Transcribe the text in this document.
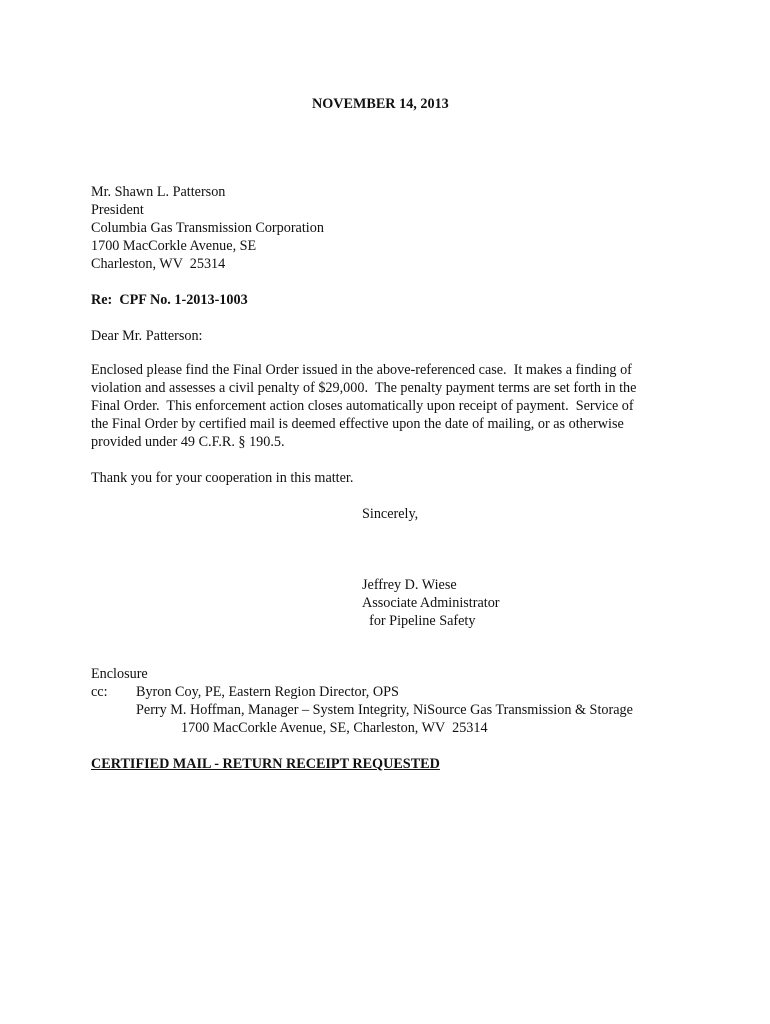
NOVEMBER 14, 2013
Mr. Shawn L. Patterson
President
Columbia Gas Transmission Corporation
1700 MacCorkle Avenue, SE
Charleston, WV  25314
Re:  CPF No. 1-2013-1003
Dear Mr. Patterson:
Enclosed please find the Final Order issued in the above-referenced case.  It makes a finding of
violation and assesses a civil penalty of $29,000.  The penalty payment terms are set forth in the
Final Order.  This enforcement action closes automatically upon receipt of payment.  Service of
the Final Order by certified mail is deemed effective upon the date of mailing, or as otherwise
provided under 49 C.F.R. § 190.5.
Thank you for your cooperation in this matter.
Sincerely,
Jeffrey D. Wiese
Associate Administrator
for Pipeline Safety
Enclosure
cc: Byron Coy, PE, Eastern Region Director, OPS
Perry M. Hoffman, Manager – System Integrity, NiSource Gas Transmission & Storage
1700 MacCorkle Avenue, SE, Charleston, WV  25314
CERTIFIED MAIL - RETURN RECEIPT REQUESTED
